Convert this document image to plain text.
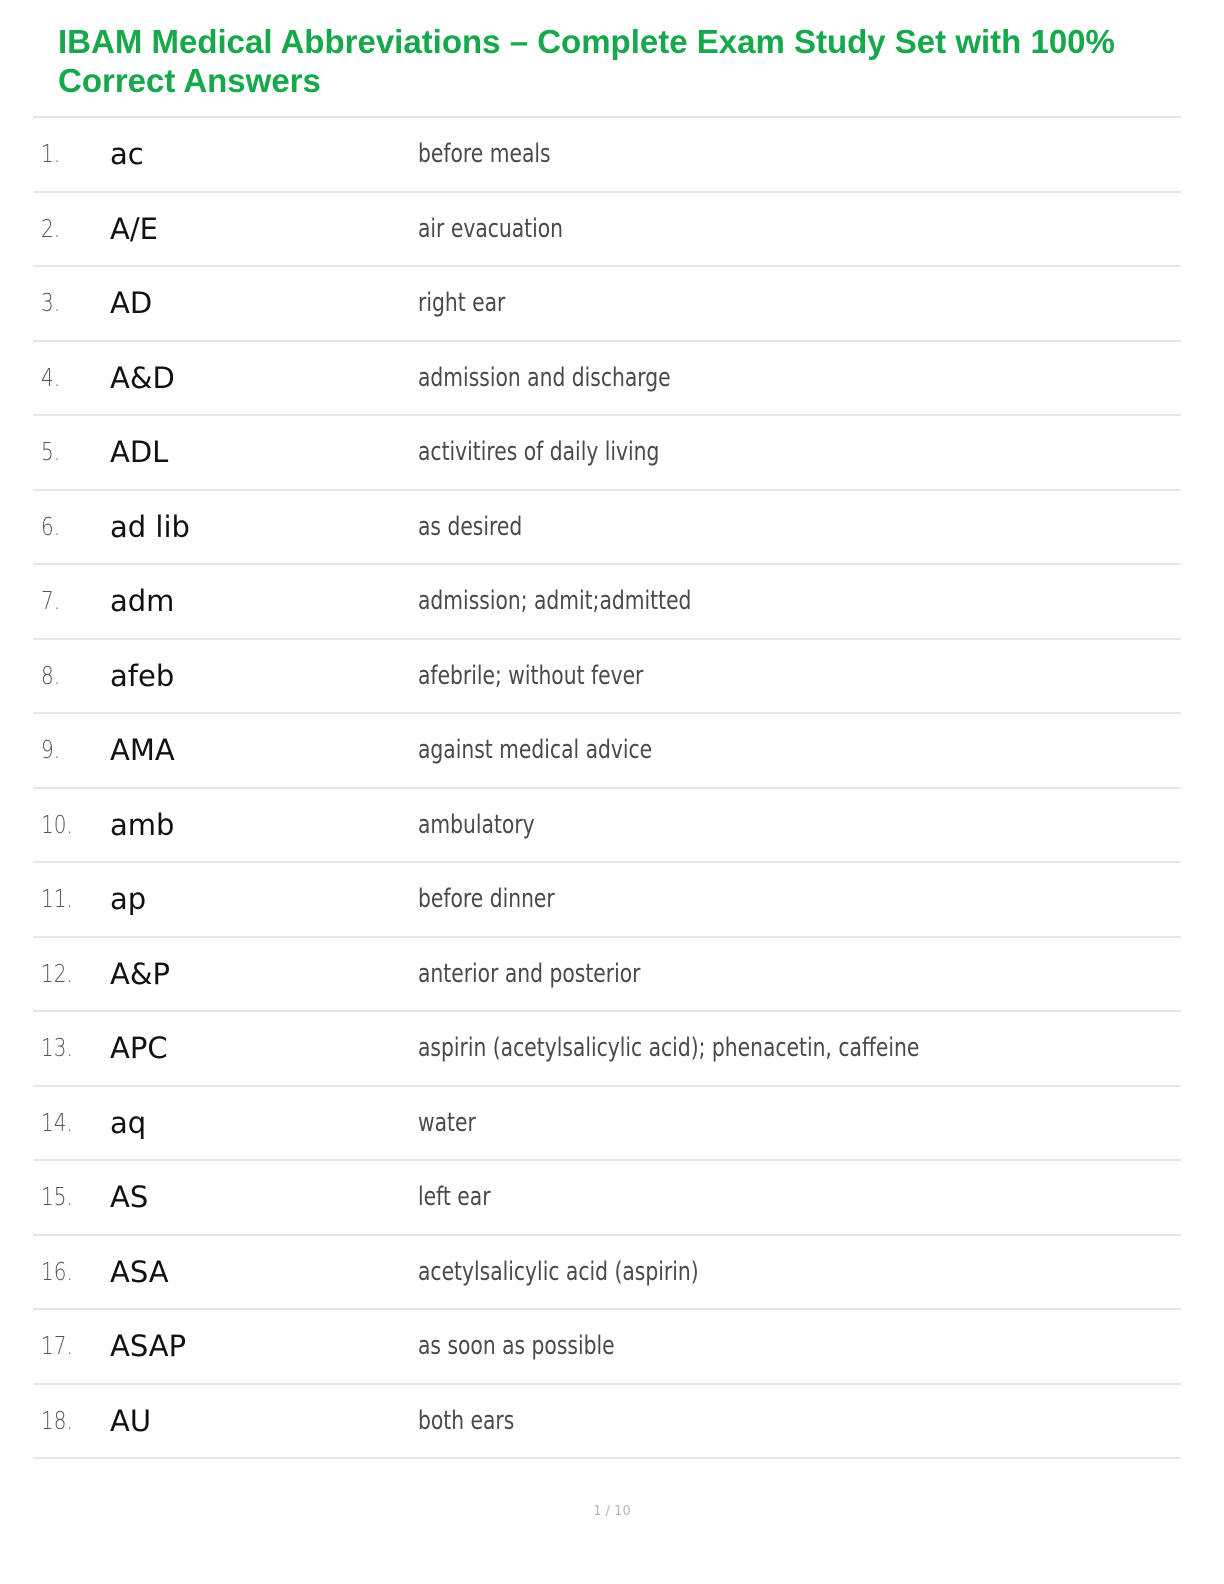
IBAM Medical Abbreviations – Complete Exam Study Set with 100% Correct Answers
1. ac	before meals
2. A/E	air evacuation
3. AD	right ear
4. A&D	admission and discharge
5. ADL	activitires of daily living
6. ad lib	as desired
7. adm	admission; admit;admitted
8. afeb	afebrile; without fever
9. AMA	against medical advice
10. amb	ambulatory
11. ap	before dinner
12. A&P	anterior and posterior
13. APC	aspirin (acetylsalicylic acid); phenacetin, caffeine
14. aq	water
15. AS	left ear
16. ASA	acetylsalicylic acid (aspirin)
17. ASAP	as soon as possible
18. AU	both ears
1 / 10
